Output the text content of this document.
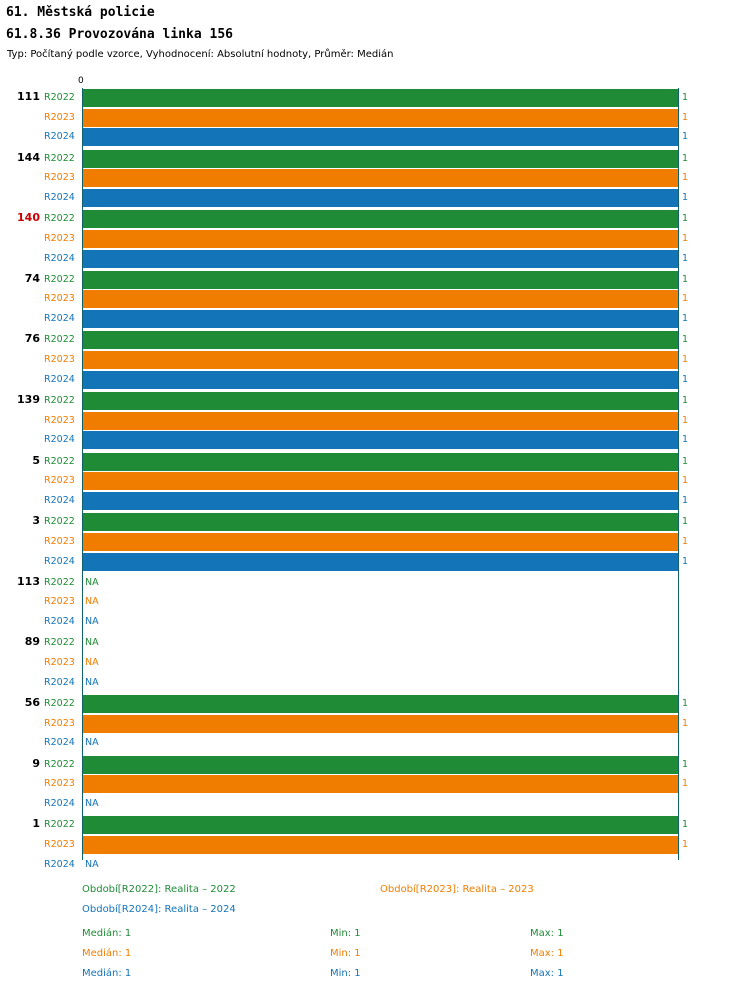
61. Městská policie
61.8.36 Provozována linka 156
Typ: Počítaný podle vzorce, Vyhodnocení: Absolutní hodnoty, Průměr: Medián
0
111 R2022	1
R2023	1
R2024	1
144 R2022	1
R2023	1
R2024	1
140 R2022	1
R2023	1
R2024	1
74 R2022	1
R2023	1
R2024	1
76 R2022	1
R2023	1
R2024	1
139 R2022	1
R2023	1
R2024	1
5 R2022	1
R2023	1
R2024	1
3 R2022	1
R2023	1
R2024	1
113 R2022 NA
R2023 NA
R2024 NA
89 R2022 NA
R2023 NA
R2024 NA
56 R2022	1
R2023	1
R2024 NA
9 R2022	1
R2023	1
R2024 NA
1 R2022	1
R2023	1
R2024 NA
Období[R2022]: Realita – 2022	Období[R2023]: Realita – 2023
Období[R2024]: Realita – 2024
Medián: 1	Min: 1	Max: 1
Medián: 1	Min: 1	Max: 1
Medián: 1	Min: 1	Max: 1
